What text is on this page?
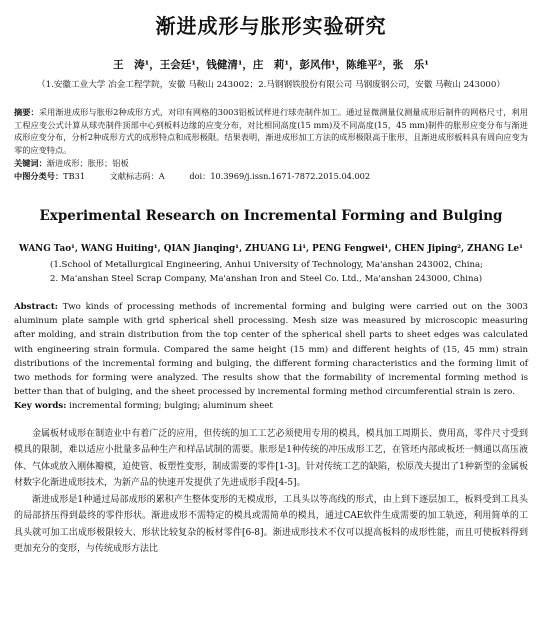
渐进成形与胀形实验研究
王　涛¹，王会廷¹，钱健清¹，庄　莉¹，彭风伟¹，陈维平²，张　乐¹
（1.安徽工业大学 冶金工程学院，安徽 马鞍山 243002；2.马钢钢铁股份有限公司 马钢废钢公司，安徽 马鞍山 243000）
摘要：采用渐进成形与胀形2种成形方式，对印有网格的3003铝板试样进行球壳制件加工。通过显微测量仪测量成形后制件的网格尺寸，利用工程应变公式计算从球壳制件顶部中心到板料边缘的应变分布，对比相同高度(15 mm)及不同高度(15，45 mm)制件的胀形应变分布与渐进成形应变分布，分析2种成形方式的成形特点和成形极限。结果表明，渐进成形加工方法的成形极限高于胀形，且渐进成形板料具有周向应变为零的应变特点。
关键词：渐进成形；胀形；铝板
中图分类号：TB31	文献标志码：A	doi：10.3969/j.issn.1671-7872.2015.04.002
Experimental Research on Incremental Forming and Bulging
WANG Tao¹, WANG Huiting¹, QIAN Jianqing¹, ZHUANG Li¹, PENG Fengwei¹, CHEN Jiping², ZHANG Le¹
(1.School of Metallurgical Engineering, Anhui University of Technology, Ma'anshan 243002, China;
2. Ma'anshan Steel Scrap Company, Ma'anshan Iron and Steel Co. Ltd., Ma'anshan 243000, China)
Abstract: Two kinds of processing methods of incremental forming and bulging were carried out on the 3003 aluminum plate sample with grid spherical shell processing. Mesh size was measured by microscopic measuring after molding, and strain distribution from the top center of the spherical shell parts to sheet edges was calculated with engineering strain formula. Compared the same height (15 mm) and different heights of (15, 45 mm) strain distributions of the incremental forming and bulging, the different forming characteristics and the forming limit of two methods for forming were analyzed. The results show that the formability of incremental forming method is better than that of bulging, and the sheet processed by incremental forming method circumferential strain is zero.
Key words: incremental forming; bulging; aluminum sheet

金属板材成形在制造业中有着广泛的应用，但传统的加工工艺必须使用专用的模具，模具加工周期长、费用高，零件尺寸受到模具的限制，难以适应小批量多品种生产和样品试制的需要。胀形是1种传统的冲压成形工艺，在管坯内部或板坯一侧通以高压液体、气体或放入刚体瓣模，迫使管、板塑性变形，制成需要的零件[1-3]。针对传统工艺的缺陷，松原茂夫提出了1种新型的金属板材数字化渐进成形技术，为新产品的快速开发提供了先进成形手段[4-5]。

渐进成形是1种通过局部成形的累积产生整体变形的无模成形，工具头以等高线的形式，由上到下逐层加工，板料受到工具头的局部挤压得到最终的零件形状。渐进成形不需特定的模具或需简单的模具，通过CAE软件生成需要的加工轨迹，利用简单的工具头就可加工出成形极限较大、形状比较复杂的板材零件[6-8]。渐进成形技术不仅可以提高板料的成形性能，而且可使板料得到更加充分的变形，与传统成形方法比
